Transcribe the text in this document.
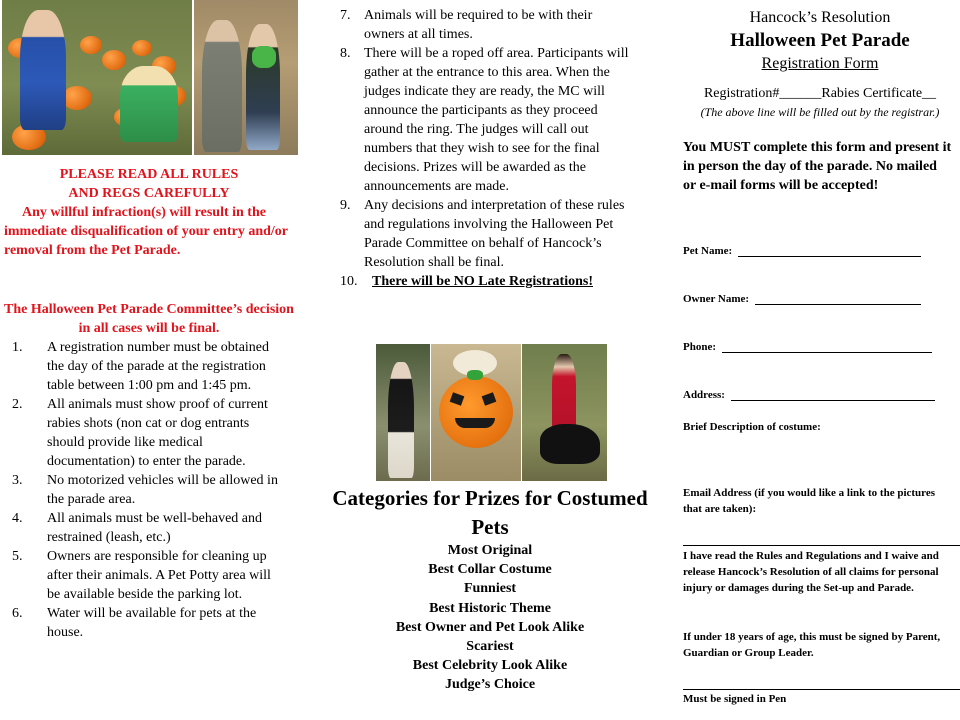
PLEASE READ ALL RULES
AND REGS CAREFULLY
Any willful infraction(s) will result in the immediate disqualification of your entry and/or removal from the Pet Parade.
The Halloween Pet Parade Committee’s decision in all cases will be final.
1. A registration number must be obtained the day of the parade at the registration table between 1:00 pm and 1:45 pm.
2. All animals must show proof of current rabies shots (non cat or dog entrants should provide like medical documentation) to enter the parade.
3. No motorized vehicles will be allowed in the parade area.
4. All animals must be well-behaved and restrained (leash, etc.)
5. Owners are responsible for cleaning up after their animals. A Pet Potty area will be available beside the parking lot.
6. Water will be available for pets at the house.
7. Animals will be required to be with their owners at all times.
8. There will be a roped off area. Participants will gather at the entrance to this area. When the judges indicate they are ready, the MC will announce the participants as they proceed around the ring. The judges will call out numbers that they wish to see for the final decisions. Prizes will be awarded as the announcements are made.
9. Any decisions and interpretation of these rules and regulations involving the Halloween Pet Parade Committee on behalf of Hancock’s Resolution shall be final.
10. There will be NO Late Registrations!
Categories for Prizes for Costumed Pets
Most Original
Best Collar Costume
Funniest
Best Historic Theme
Best Owner and Pet Look Alike
Scariest
Best Celebrity Look Alike
Judge’s Choice
Hancock’s Resolution
Halloween Pet Parade
Registration Form
Registration#______Rabies Certificate__
(The above line will be filled out by the registrar.)
You MUST complete this form and present it in person the day of the parade. No mailed or e-mail forms will be accepted!
Pet Name:
Owner Name:
Phone:
Address:
Brief Description of costume:
Email Address (if you would like a link to the pictures that are taken):
I have read the Rules and Regulations and I waive and release Hancock’s Resolution of all claims for personal injury or damages during the Set-up and Parade.
If under 18 years of age, this must be signed by Parent, Guardian or Group Leader.
Must be signed in Pen
